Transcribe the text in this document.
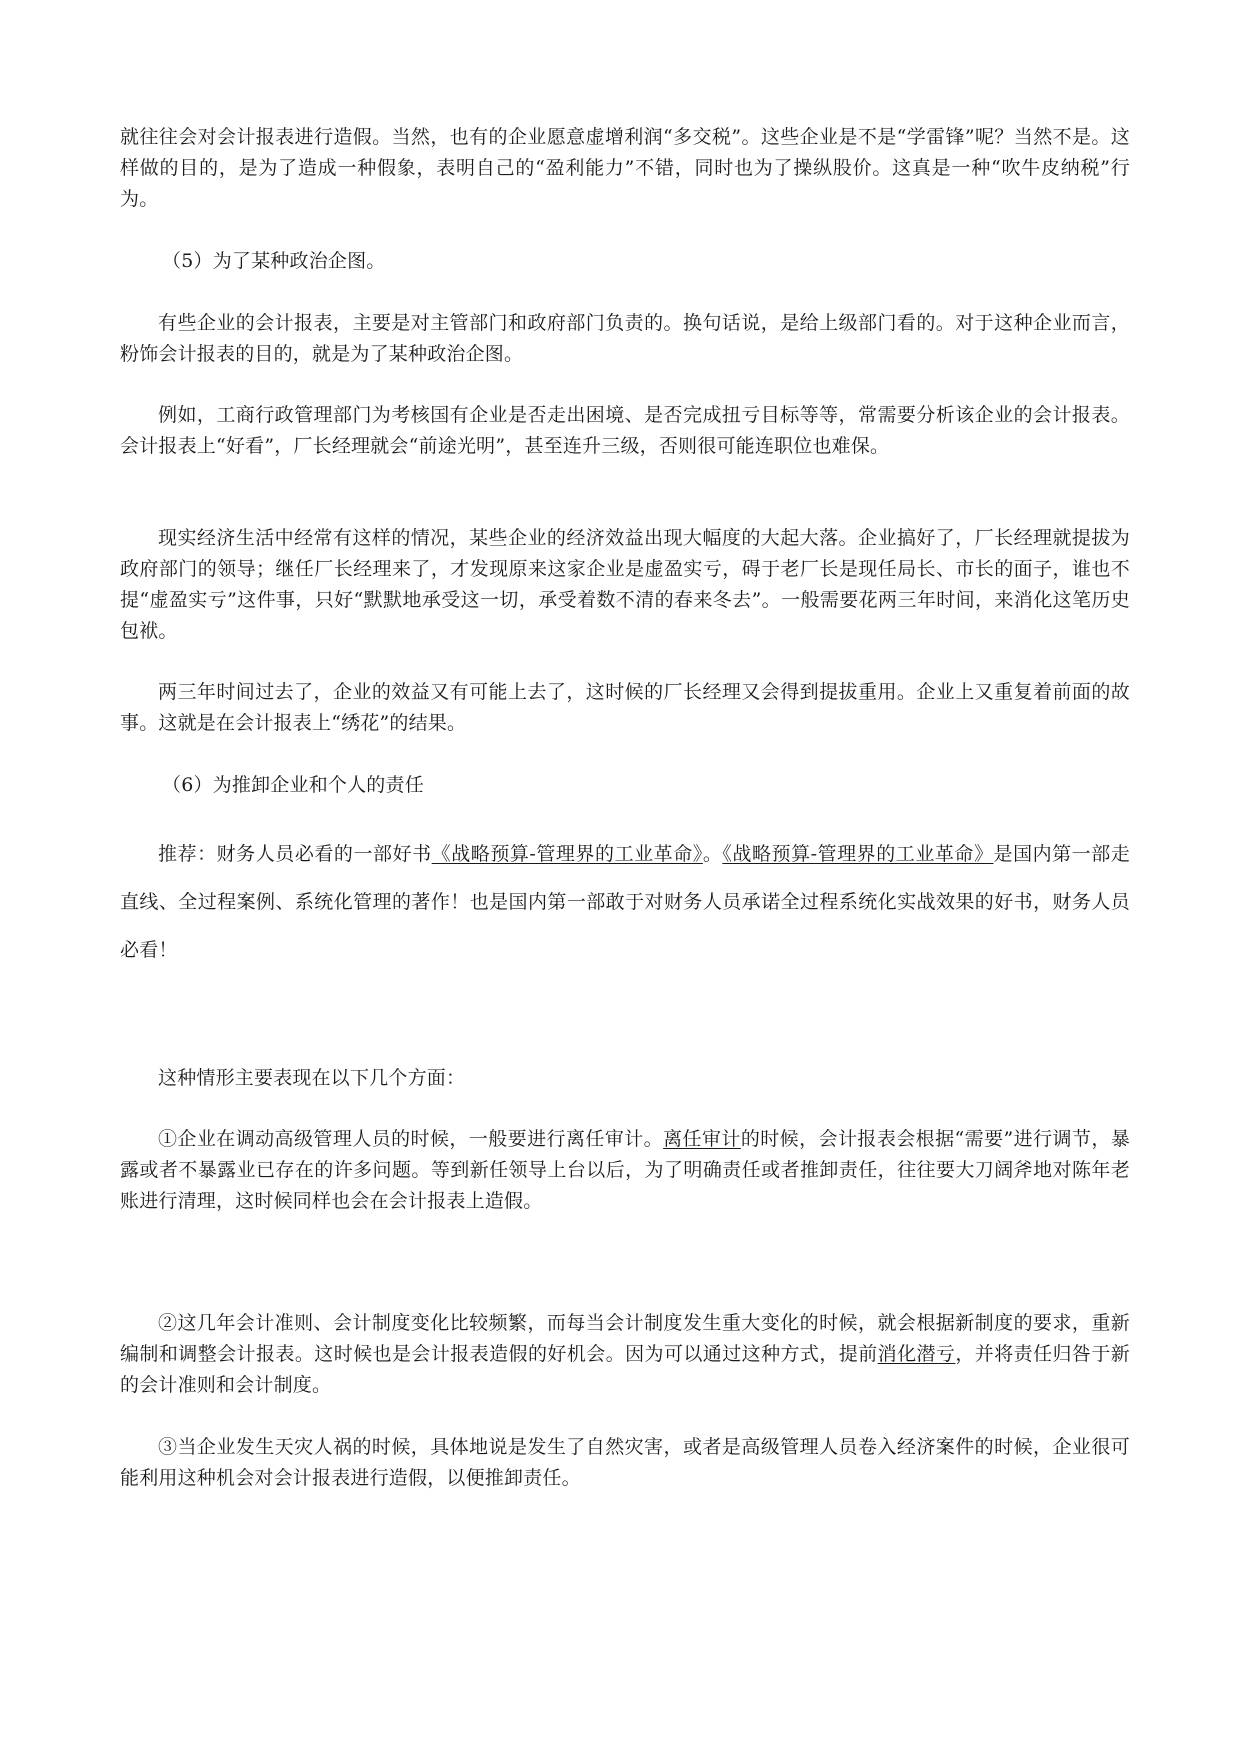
就往往会对会计报表进行造假。当然，也有的企业愿意虚增利润“多交税”。这些企业是不是“学雷锋”呢？当然不是。这样做的目的，是为了造成一种假象，表明自己的“盈利能力”不错，同时也为了操纵股价。这真是一种“吹牛皮纳税”行为。

（5）为了某种政治企图。

有些企业的会计报表，主要是对主管部门和政府部门负责的。换句话说，是给上级部门看的。对于这种企业而言，粉饰会计报表的目的，就是为了某种政治企图。

例如，工商行政管理部门为考核国有企业是否走出困境、是否完成扭亏目标等等，常需要分析该企业的会计报表。会计报表上“好看”，厂长经理就会“前途光明”，甚至连升三级，否则很可能连职位也难保。

现实经济生活中经常有这样的情况，某些企业的经济效益出现大幅度的大起大落。企业搞好了，厂长经理就提拔为政府部门的领导；继任厂长经理来了，才发现原来这家企业是虚盈实亏，碍于老厂长是现任局长、市长的面子，谁也不提“虚盈实亏”这件事，只好“默默地承受这一切，承受着数不清的春来冬去”。一般需要花两三年时间，来消化这笔历史包袱。

两三年时间过去了，企业的效益又有可能上去了，这时候的厂长经理又会得到提拔重用。企业上又重复着前面的故事。这就是在会计报表上“绣花”的结果。

（6）为推卸企业和个人的责任

推荐：财务人员必看的一部好书《战略预算-管理界的工业革命》。《战略预算-管理界的工业革命》是国内第一部走直线、全过程案例、系统化管理的著作！也是国内第一部敢于对财务人员承诺全过程系统化实战效果的好书，财务人员必看！

这种情形主要表现在以下几个方面：

①企业在调动高级管理人员的时候，一般要进行离任审计。离任审计的时候，会计报表会根据“需要”进行调节，暴露或者不暴露业已存在的许多问题。等到新任领导上台以后，为了明确责任或者推卸责任，往往要大刀阔斧地对陈年老账进行清理，这时候同样也会在会计报表上造假。

②这几年会计准则、会计制度变化比较频繁，而每当会计制度发生重大变化的时候，就会根据新制度的要求，重新编制和调整会计报表。这时候也是会计报表造假的好机会。因为可以通过这种方式，提前消化潜亏，并将责任归咎于新的会计准则和会计制度。

③当企业发生天灾人祸的时候，具体地说是发生了自然灾害，或者是高级管理人员卷入经济案件的时候，企业很可能利用这种机会对会计报表进行造假，以便推卸责任。
